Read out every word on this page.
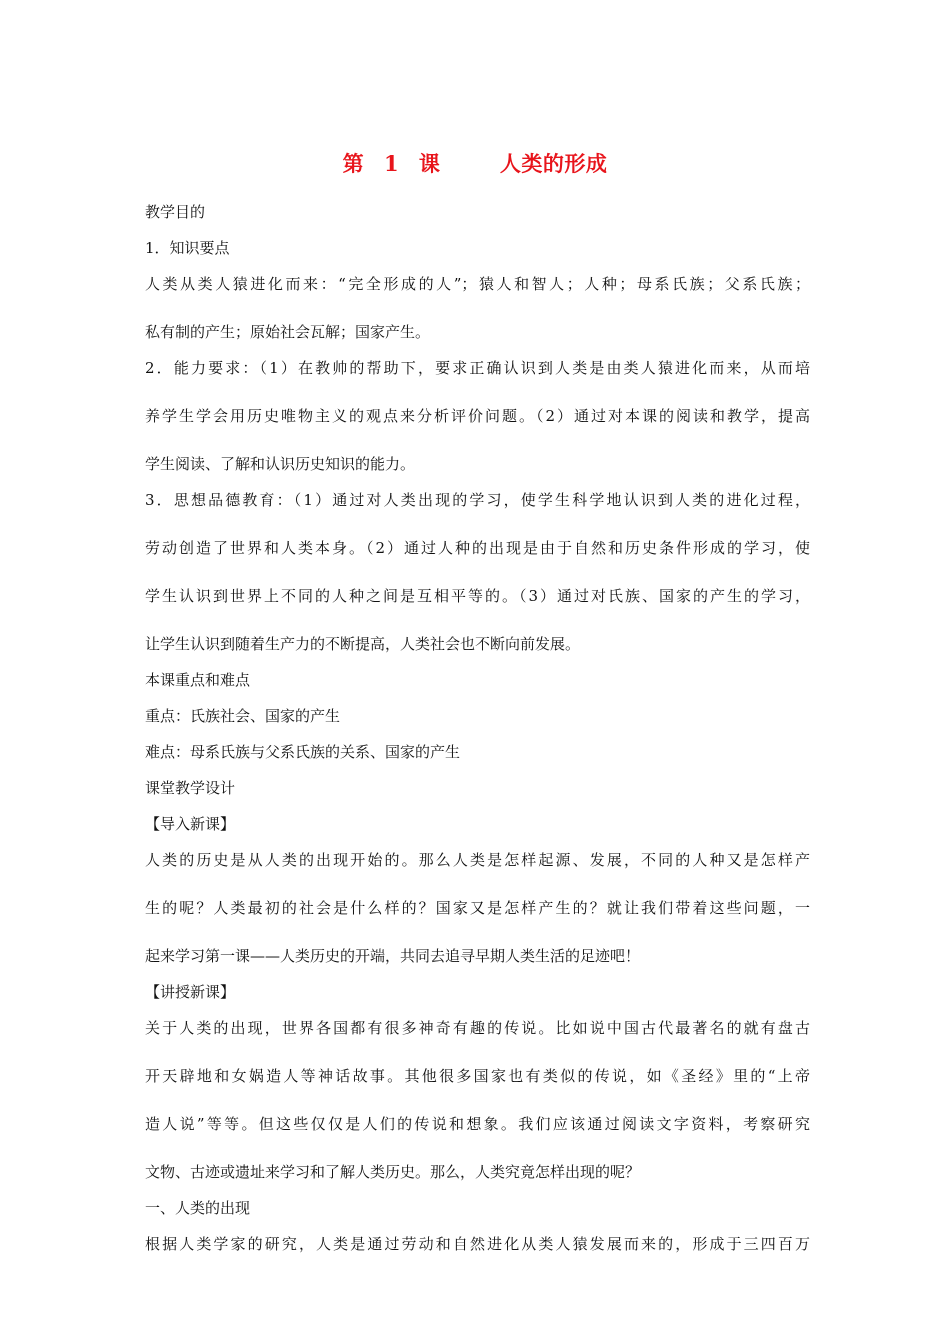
第 1 课   人类的形成
教学目的
1．知识要点
人类从类人猿进化而来：“完全形成的人”；猿人和智人；人种；母系氏族；父系氏族；
私有制的产生；原始社会瓦解；国家产生。
2．能力要求：（1）在教帅的帮助下，要求正确认识到人类是由类人猿进化而来，从而培
养学生学会用历史唯物主义的观点来分析评价问题。（2）通过对本课的阅读和教学，提高
学生阅读、了解和认识历史知识的能力。
3．思想品德教育：（1）通过对人类出现的学习，使学生科学地认识到人类的进化过程，
劳动创造了世界和人类本身。（2）通过人种的出现是由于自然和历史条件形成的学习，使
学生认识到世界上不同的人种之间是互相平等的。（3）通过对氏族、国家的产生的学习，
让学生认识到随着生产力的不断提高，人类社会也不断向前发展。
本课重点和难点
重点：氏族社会、国家的产生
难点：母系氏族与父系氏族的关系、国家的产生
课堂教学设计
【导入新课】
人类的历史是从人类的出现开始的。那么人类是怎样起源、发展，不同的人种又是怎样产
生的呢？人类最初的社会是什么样的？国家又是怎样产生的？就让我们带着这些问题，一
起来学习第一课——人类历史的开端，共同去追寻早期人类生活的足迹吧！
【讲授新课】
关于人类的出现，世界各国都有很多神奇有趣的传说。比如说中国古代最著名的就有盘古
开天辟地和女娲造人等神话故事。其他很多国家也有类似的传说，如《圣经》里的“上帝
造人说”等等。但这些仅仅是人们的传说和想象。我们应该通过阅读文字资料，考察研究
文物、古迹或遗址来学习和了解人类历史。那么，人类究竟怎样出现的呢？
一、人类的出现
根据人类学家的研究，人类是通过劳动和自然进化从类人猿发展而来的，形成于三四百万
